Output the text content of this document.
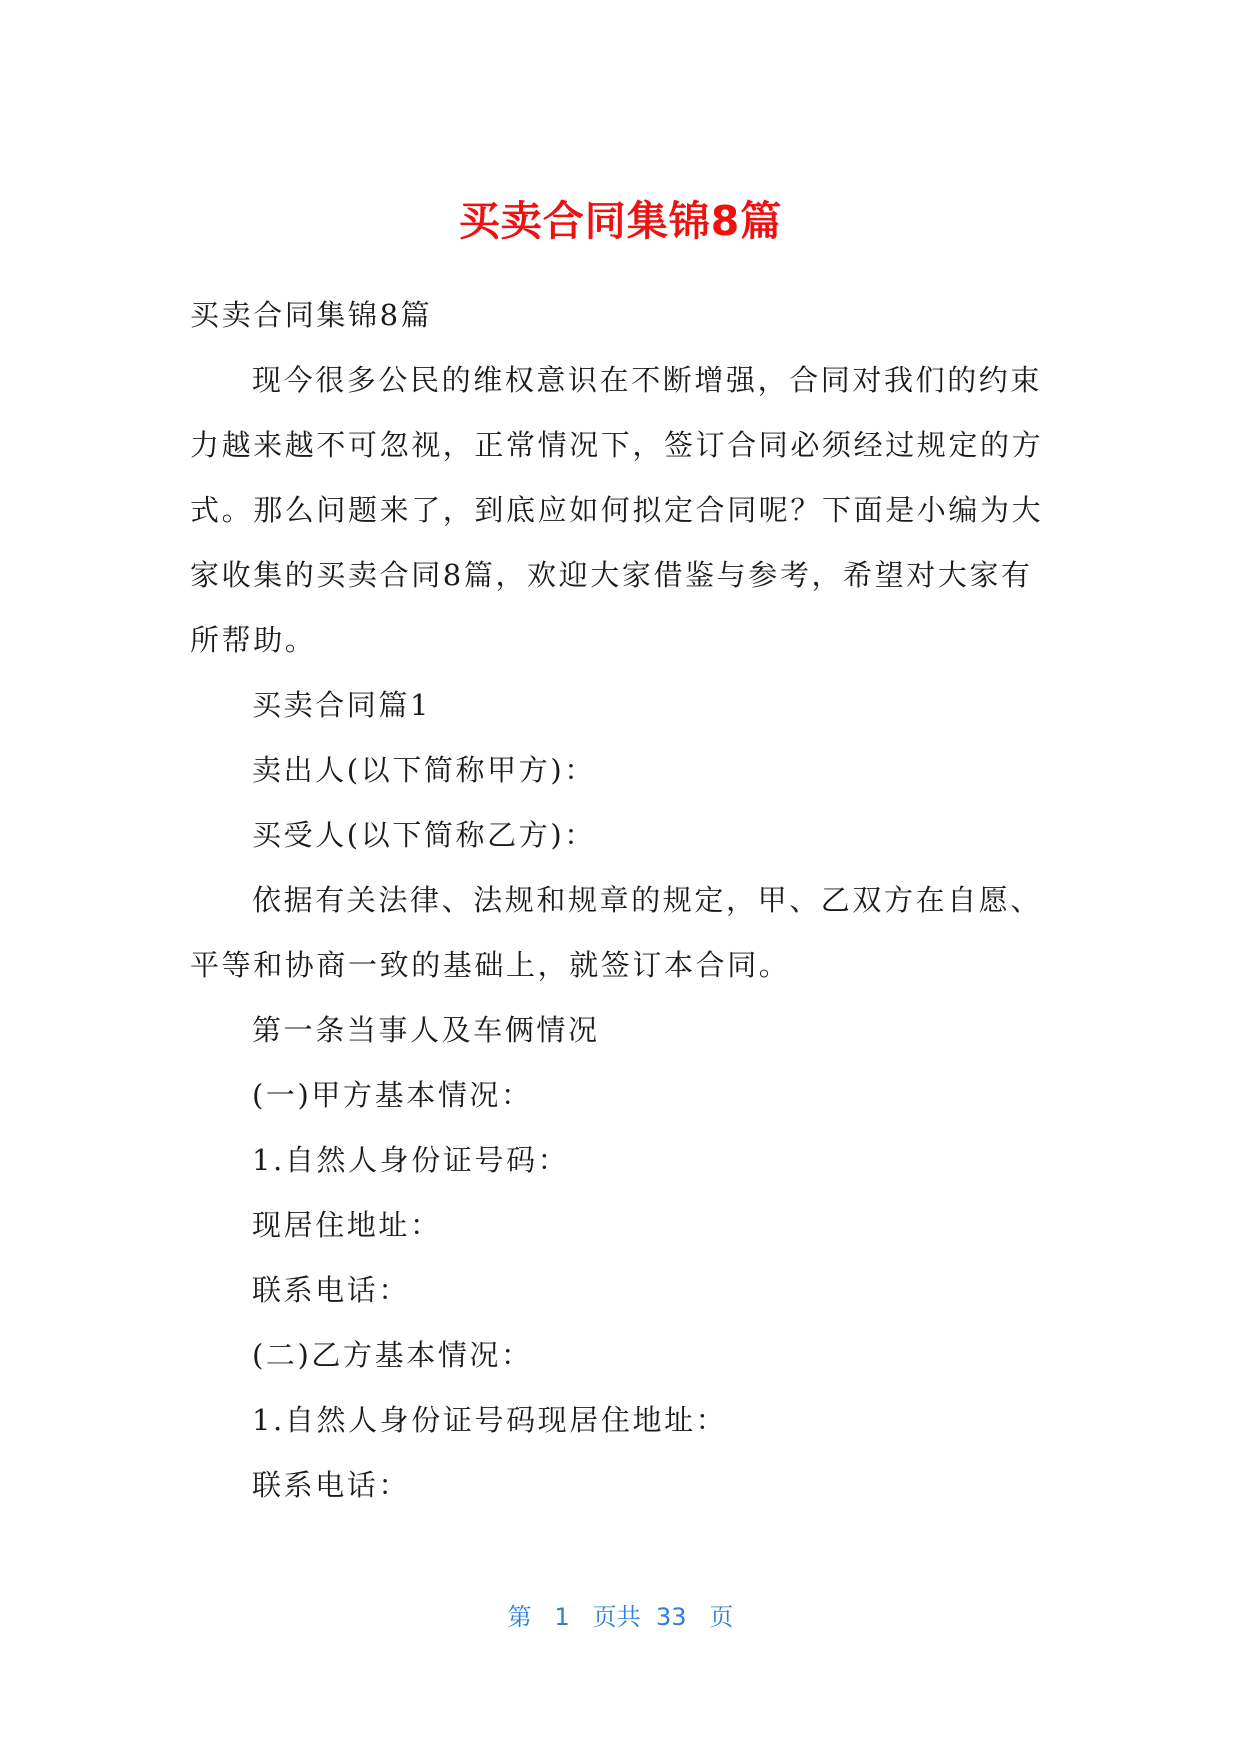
买卖合同集锦8篇

买卖合同集锦8篇

现今很多公民的维权意识在不断增强，合同对我们的约束

力越来越不可忽视，正常情况下，签订合同必须经过规定的方

式。那么问题来了，到底应如何拟定合同呢？下面是小编为大

家收集的买卖合同8篇，欢迎大家借鉴与参考，希望对大家有

所帮助。

买卖合同篇1

卖出人(以下简称甲方)：

买受人(以下简称乙方)：

依据有关法律、法规和规章的规定，甲、乙双方在自愿、

平等和协商一致的基础上，就签订本合同。

第一条当事人及车俩情况

(一)甲方基本情况：

1.自然人身份证号码：

现居住地址：

联系电话：

(二)乙方基本情况：

1.自然人身份证号码现居住地址：

联系电话：

第 1 页共 33 页
